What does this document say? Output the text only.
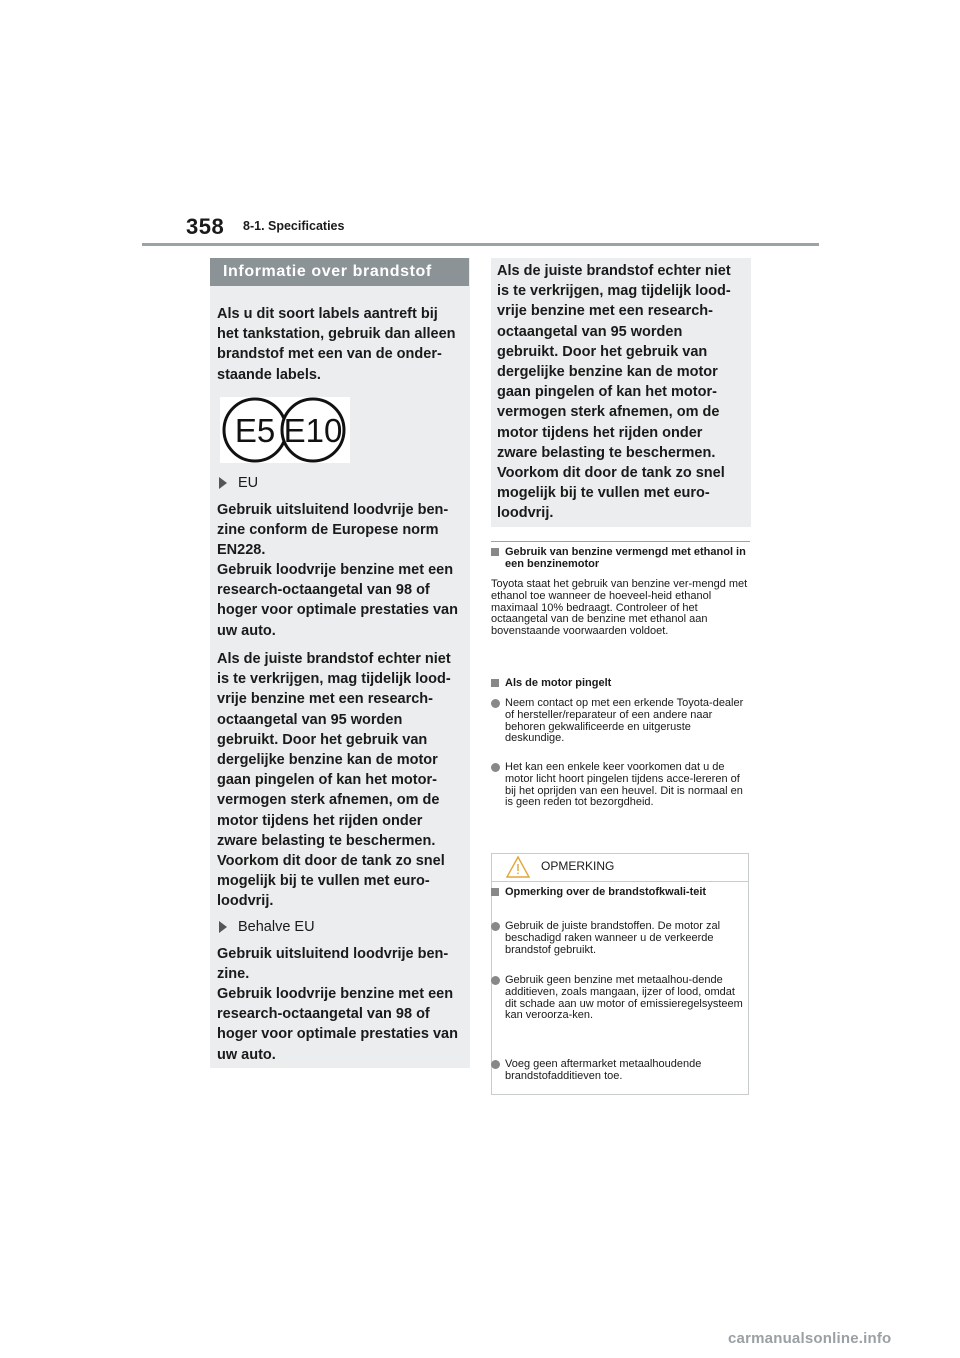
358 8-1. Specificaties
Informatie over brandstof
Als u dit soort labels aantreft bij het tankstation, gebruik dan alleen brandstof met een van de onder-staande labels.
E5 E10
EU
Gebruik uitsluitend loodvrije ben-zine conform de Europese norm EN228.
Gebruik loodvrije benzine met een research-octaangetal van 98 of hoger voor optimale prestaties van uw auto.
Als de juiste brandstof echter niet is te verkrijgen, mag tijdelijk lood-vrije benzine met een research-octaangetal van 95 worden gebruikt. Door het gebruik van dergelijke benzine kan de motor gaan pingelen of kan het motor-vermogen sterk afnemen, om de motor tijdens het rijden onder zware belasting te beschermen. Voorkom dit door de tank zo snel mogelijk bij te vullen met euro-loodvrij.
Behalve EU
Gebruik uitsluitend loodvrije ben-zine.
Gebruik loodvrije benzine met een research-octaangetal van 98 of hoger voor optimale prestaties van uw auto.
Als de juiste brandstof echter niet is te verkrijgen, mag tijdelijk lood-vrije benzine met een research-octaangetal van 95 worden gebruikt. Door het gebruik van dergelijke benzine kan de motor gaan pingelen of kan het motor-vermogen sterk afnemen, om de motor tijdens het rijden onder zware belasting te beschermen. Voorkom dit door de tank zo snel mogelijk bij te vullen met euro-loodvrij.
Gebruik van benzine vermengd met ethanol in een benzinemotor
Toyota staat het gebruik van benzine ver-mengd met ethanol toe wanneer de hoeveel-heid ethanol maximaal 10% bedraagt. Controleer of het octaangetal van de benzine met ethanol aan bovenstaande voorwaarden voldoet.
Als de motor pingelt
Neem contact op met een erkende Toyota-dealer of hersteller/reparateur of een andere naar behoren gekwalificeerde en uitgeruste deskundige.
Het kan een enkele keer voorkomen dat u de motor licht hoort pingelen tijdens acce-lereren of bij het oprijden van een heuvel. Dit is normaal en is geen reden tot bezorgdheid.
OPMERKING
Opmerking over de brandstofkwali-teit
Gebruik de juiste brandstoffen. De motor zal beschadigd raken wanneer u de verkeerde brandstof gebruikt.
Gebruik geen benzine met metaalhou-dende additieven, zoals mangaan, ijzer of lood, omdat dit schade aan uw motor of emissieregelsysteem kan veroorza-ken.
Voeg geen aftermarket metaalhoudende brandstofadditieven toe.
carmanualsonline.info
